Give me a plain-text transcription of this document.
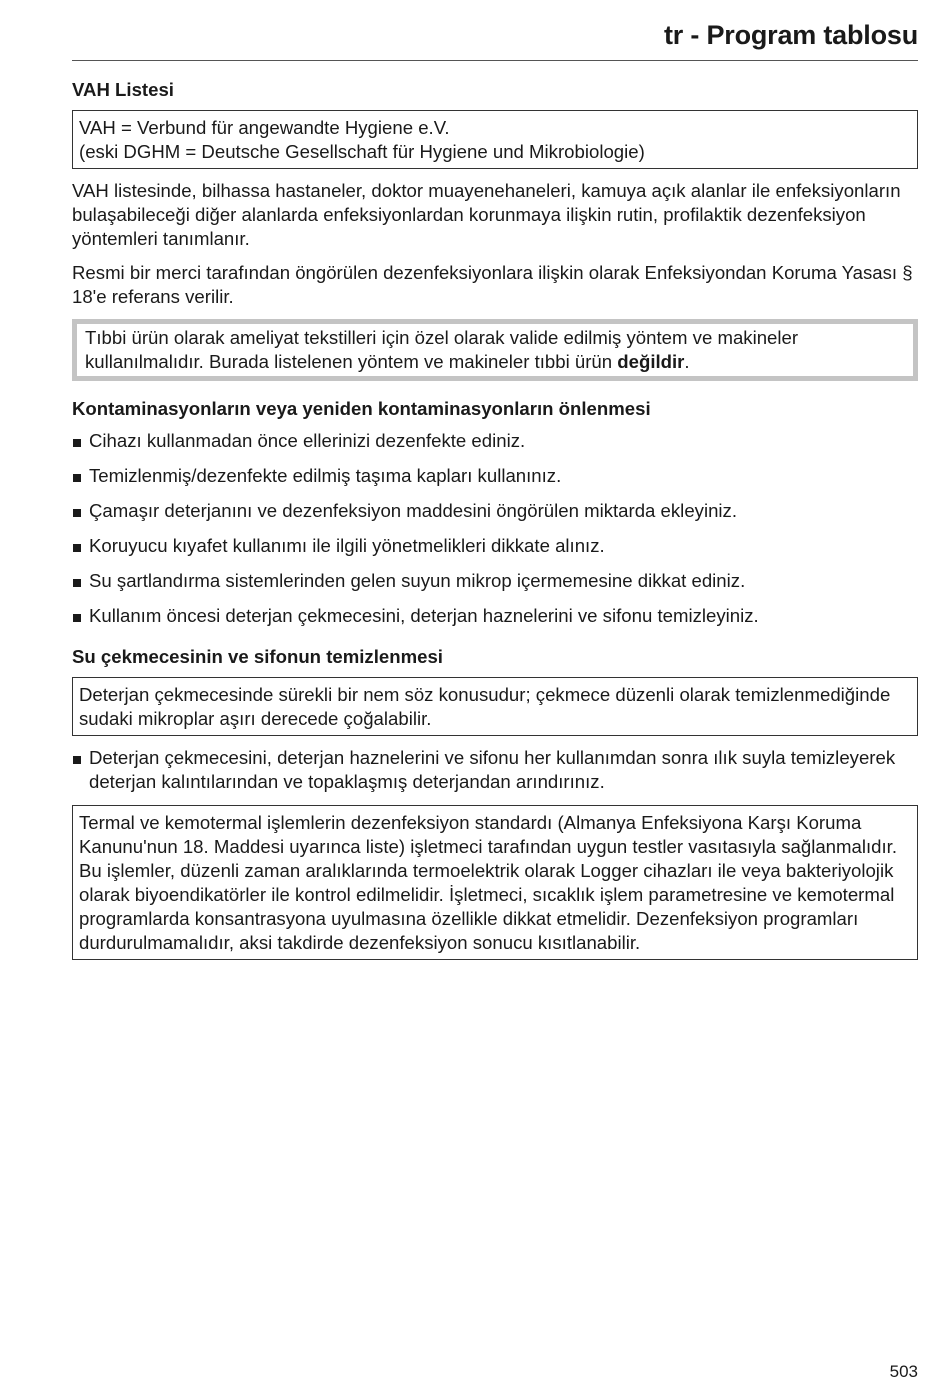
tr - Program tablosu
VAH Listesi
VAH = Verbund für angewandte Hygiene e.V.
(eski DGHM = Deutsche Gesellschaft für Hygiene und Mikrobiologie)

VAH listesinde, bilhassa hastaneler, doktor muayenehaneleri, kamuya açık alanlar ile enfeksiyonların bulaşabileceği diğer alanlarda enfeksiyonlardan korunmaya ilişkin rutin, profilaktik dezenfeksiyon yöntemleri tanımlanır.

Resmi bir merci tarafından öngörülen dezenfeksiyonlara ilişkin olarak Enfeksiyondan Koruma Yasası § 18'e referans verilir.

Tıbbi ürün olarak ameliyat tekstilleri için özel olarak valide edilmiş yöntem ve makineler kullanılmalıdır. Burada listelenen yöntem ve makineler tıbbi ürün değildir.
Kontaminasyonların veya yeniden kontaminasyonların önlenmesi
Cihazı kullanmadan önce ellerinizi dezenfekte ediniz.
Temizlenmiş/dezenfekte edilmiş taşıma kapları kullanınız.
Çamaşır deterjanını ve dezenfeksiyon maddesini öngörülen miktarda ekleyiniz.
Koruyucu kıyafet kullanımı ile ilgili yönetmelikleri dikkate alınız.
Su şartlandırma sistemlerinden gelen suyun mikrop içermemesine dikkat ediniz.
Kullanım öncesi deterjan çekmecesini, deterjan haznelerini ve sifonu temizleyiniz.
Su çekmecesinin ve sifonun temizlenmesi
Deterjan çekmecesinde sürekli bir nem söz konusudur; çekmece düzenli olarak temizlenmediğinde sudaki mikroplar aşırı derecede çoğalabilir.
Deterjan çekmecesini, deterjan haznelerini ve sifonu her kullanımdan sonra ılık suyla temizleyerek deterjan kalıntılarından ve topaklaşmış deterjandan arındırınız.
Termal ve kemotermal işlemlerin dezenfeksiyon standardı (Almanya Enfeksiyona Karşı Koruma Kanunu'nun 18. Maddesi uyarınca liste) işletmeci tarafından uygun testler vasıtasıyla sağlanmalıdır. Bu işlemler, düzenli zaman aralıklarında termoelektrik olarak Logger cihazları ile veya bakteriyolojik olarak biyoendikatörler ile kontrol edilmelidir. İşletmeci, sıcaklık işlem parametresine ve kemotermal programlarda konsantrasyona uyulmasına özellikle dikkat etmelidir. Dezenfeksiyon programları durdurulmamalıdır, aksi takdirde dezenfeksiyon sonucu kısıtlanabilir.
503
